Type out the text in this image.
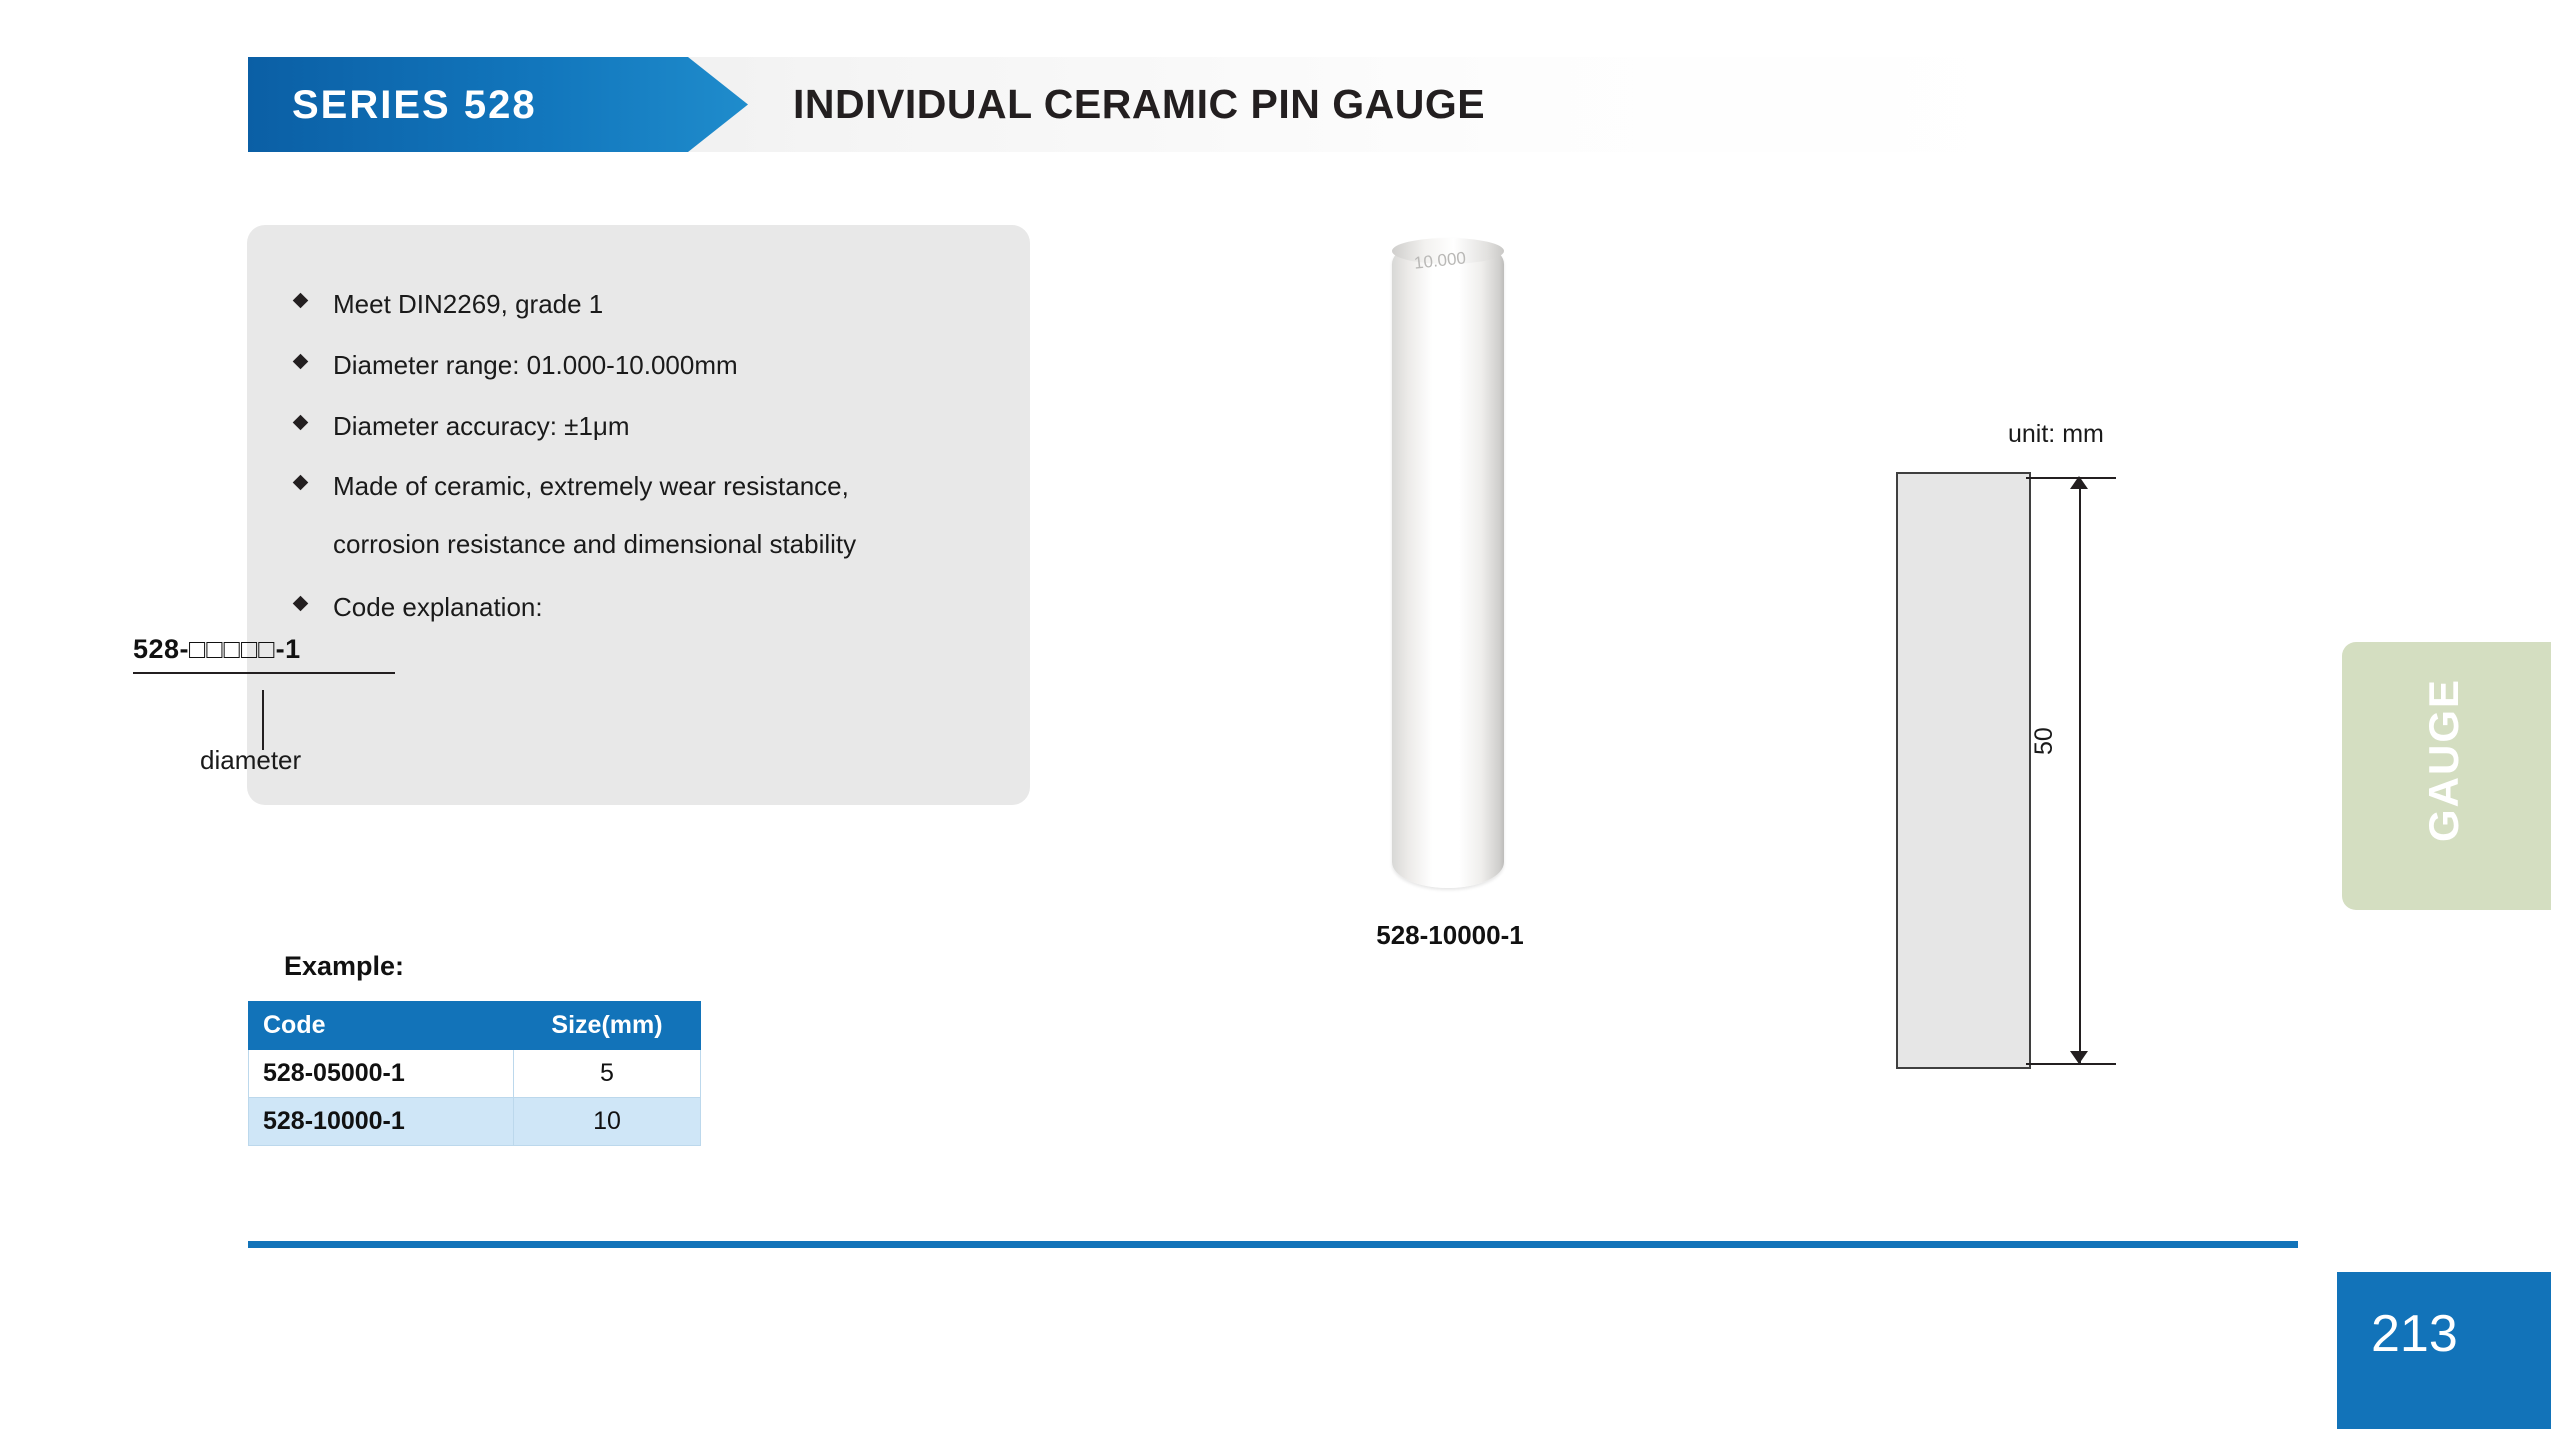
SERIES 528	INDIVIDUAL CERAMIC PIN GAUGE
Meet DIN2269, grade 1
Diameter range: 01.000-10.000mm
Diameter accuracy: ±1μm
Made of ceramic, extremely wear resistance,
corrosion resistance and dimensional stability
Code explanation:
528-□□□□□-1
diameter
10.000
528-10000-1
unit: mm
50	GAUGE
Example:
Code	Size(mm)
528-05000-1	5
528-10000-1	10
213
